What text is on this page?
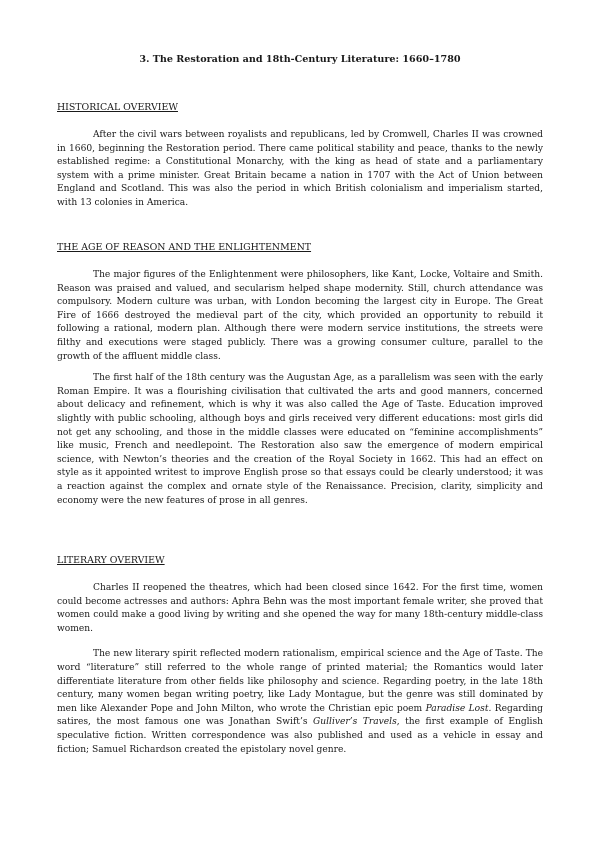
3. The Restoration and 18th-Century Literature: 1660–1780
HISTORICAL OVERVIEW

After the civil wars between royalists and republicans, led by Cromwell, Charles II was crowned in 1660, beginning the Restoration period. There came political stability and peace, thanks to the newly established regime: a Constitutional Monarchy, with the king as head of state and a parliamentary system with a prime minister. Great Britain became a nation in 1707 with the Act of Union between England and Scotland. This was also the period in which British colonialism and imperialism started, with 13 colonies in America.

THE AGE OF REASON AND THE ENLIGHTENMENT

The major figures of the Enlightenment were philosophers, like Kant, Locke, Voltaire and Smith. Reason was praised and valued, and secularism helped shape modernity. Still, church attendance was compulsory. Modern culture was urban, with London becoming the largest city in Europe. The Great Fire of 1666 destroyed the medieval part of the city, which provided an opportunity to rebuild it following a rational, modern plan. Although there were modern service institutions, the streets were filthy and executions were staged publicly. There was a growing consumer culture, parallel to the growth of the affluent middle class.

The first half of the 18th century was the Augustan Age, as a parallelism was seen with the early Roman Empire. It was a flourishing civilisation that cultivated the arts and good manners, concerned about delicacy and refinement, which is why it was also called the Age of Taste. Education improved slightly with public schooling, although boys and girls received very different educations: most girls did not get any schooling, and those in the middle classes were educated on “feminine accomplishments” like music, French and needlepoint. The Restoration also saw the emergence of modern empirical science, with Newton’s theories and the creation of the Royal Society in 1662. This had an effect on style as it appointed writest to improve English prose so that essays could be clearly understood; it was a reaction against the complex and ornate style of the Renaissance. Precision, clarity, simplicity and economy were the new features of prose in all genres.

LITERARY OVERVIEW

Charles II reopened the theatres, which had been closed since 1642. For the first time, women could become actresses and authors: Aphra Behn was the most important female writer, she proved that women could make a good living by writing and she opened the way for many 18th-century middle-class women.

The new literary spirit reflected modern rationalism, empirical science and the Age of Taste. The word “literature” still referred to the whole range of printed material; the Romantics would later differentiate literature from other fields like philosophy and science. Regarding poetry, in the late 18th century, many women began writing poetry, like Lady Montague, but the genre was still dominated by men like Alexander Pope and John Milton, who wrote the Christian epic poem Paradise Lost. Regarding satires, the most famous one was Jonathan Swift’s Gulliver’s Travels, the first example of English speculative fiction. Written correspondence was also published and used as a vehicle in essay and fiction; Samuel Richardson created the epistolary novel genre.
